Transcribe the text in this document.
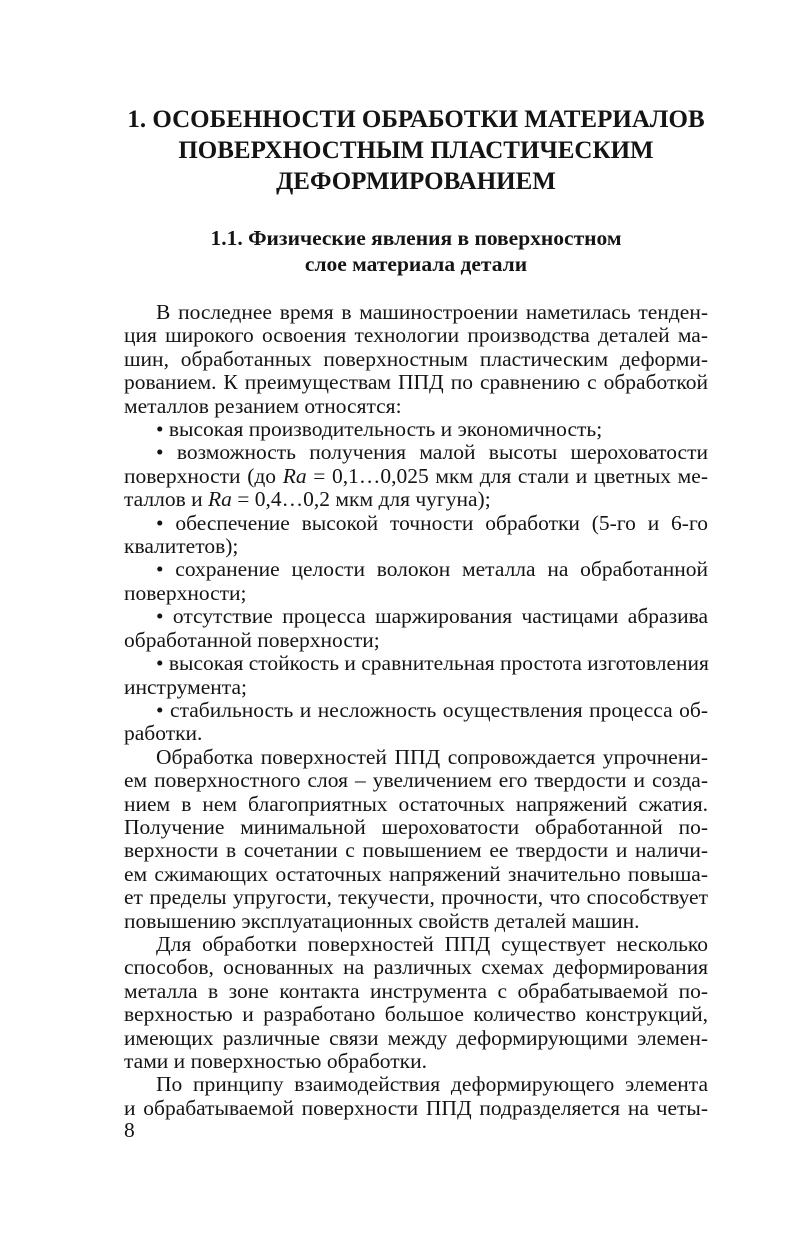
1. ОСОБЕННОСТИ ОБРАБОТКИ МАТЕРИАЛОВ
ПОВЕРХНОСТНЫМ ПЛАСТИЧЕСКИМ
ДЕФОРМИРОВАНИЕМ
1.1. Физические явления в поверхностном
слое материала детали

В последнее время в машиностроении наметилась тенден-
ция широкого освоения технологии производства деталей ма-
шин, обработанных поверхностным пластическим деформи-
рованием. К преимуществам ППД по сравнению с обработкой
металлов резанием относятся:

• высокая производительность и экономичность;

• возможность получения малой высоты шероховатости
поверхности (до Ra = 0,1…0,025 мкм для стали и цветных ме-
таллов и Ra = 0,4…0,2 мкм для чугуна);

• обеспечение высокой точности обработки (5-го и 6-го
квалитетов);

• сохранение целости волокон металла на обработанной
поверхности;

• отсутствие процесса шаржирования частицами абразива
обработанной поверхности;

• высокая стойкость и сравнительная простота изготовления
инструмента;

• стабильность и несложность осуществления процесса об-
работки.

Обработка поверхностей ППД сопровождается упрочнени-
ем поверхностного слоя – увеличением его твердости и созда-
нием в нем благоприятных остаточных напряжений сжатия.
Получение минимальной шероховатости обработанной по-
верхности в сочетании с повышением ее твердости и наличи-
ем сжимающих остаточных напряжений значительно повыша-
ет пределы упругости, текучести, прочности, что способствует
повышению эксплуатационных свойств деталей машин.

Для обработки поверхностей ППД существует несколько
способов, основанных на различных схемах деформирования
металла в зоне контакта инструмента с обрабатываемой по-
верхностью и разработано большое количество конструкций,
имеющих различные связи между деформирующими элемен-
тами и поверхностью обработки.

По принципу взаимодействия деформирующего элемента
и обрабатываемой поверхности ППД подразделяется на четы-

8
